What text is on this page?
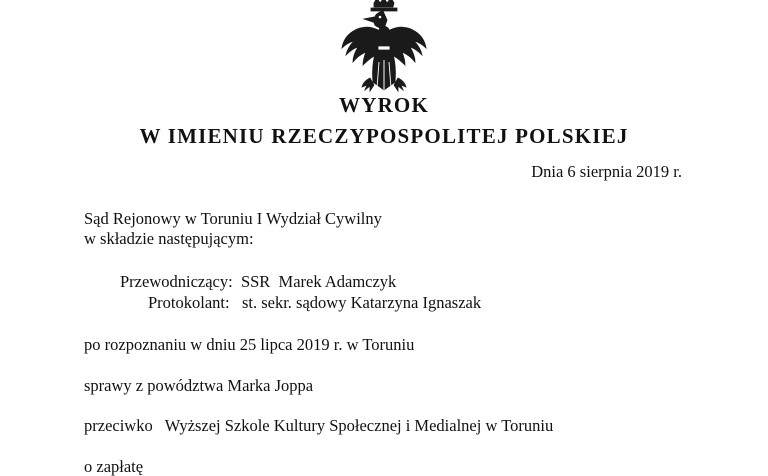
WYROK
W IMIENIU RZECZYPOSPOLITEJ POLSKIEJ
Dnia 6 sierpnia 2019 r.
Sąd Rejonowy w Toruniu I Wydział Cywilny
w składzie następującym:
Przewodniczący:  SSR  Marek Adamczyk
Protokolant:   st. sekr. sądowy Katarzyna Ignaszak
po rozpoznaniu w dniu 25 lipca 2019 r. w Toruniu
sprawy z powództwa Marka Joppa
przeciwko   Wyższej Szkole Kultury Społecznej i Medialnej w Toruniu
o zapłatę
